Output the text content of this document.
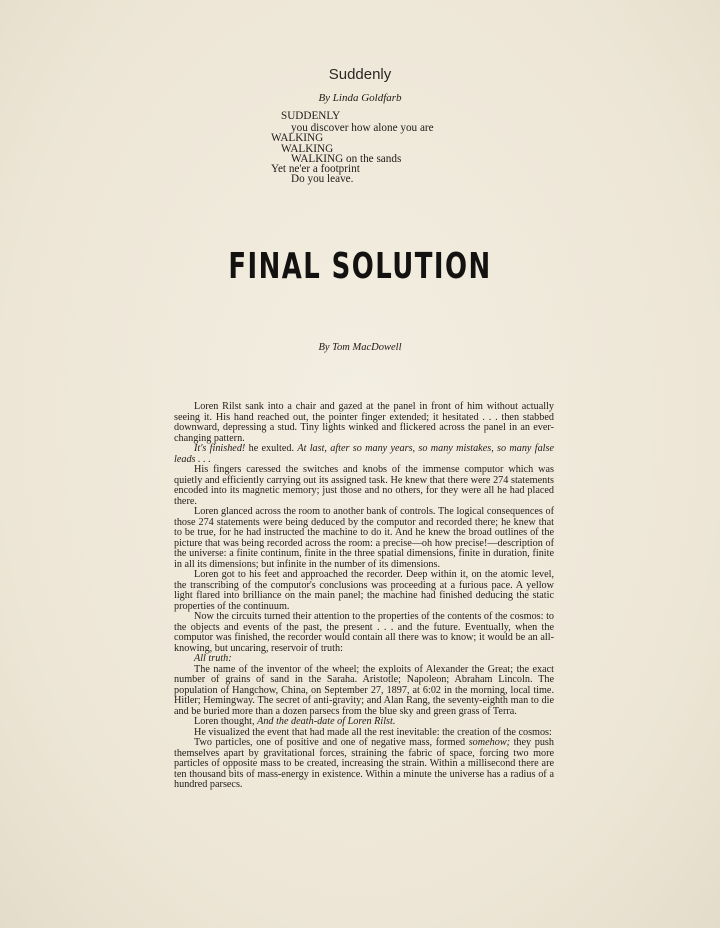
Suddenly
By Linda Goldfarb
SUDDENLY
you discover how alone you are
WALKING
WALKING
WALKING on the sands
Yet ne'er a footprint
Do you leave.
FINAL SOLUTION
By Tom MacDowell

Loren Rilst sank into a chair and gazed at the panel in front of him without actually seeing it. His hand reached out, the pointer finger extended; it hesitated . . . then stabbed downward, depressing a stud. Tiny lights winked and flickered across the panel in an ever-changing pattern.

It's finished! he exulted. At last, after so many years, so many mistakes, so many false leads . . .

His fingers caressed the switches and knobs of the immense computor which was quietly and efficiently carrying out its assigned task. He knew that there were 274 statements encoded into its magnetic memory; just those and no others, for they were all he had placed there.

Loren glanced across the room to another bank of controls. The logical consequences of those 274 statements were being deduced by the computor and recorded there; he knew that to be true, for he had instructed the machine to do it. And he knew the broad outlines of the picture that was being recorded across the room: a precise—oh how precise!—description of the universe: a finite continum, finite in the three spatial dimensions, finite in duration, finite in all its dimensions; but infinite in the number of its dimensions.

Loren got to his feet and approached the recorder. Deep within it, on the atomic level, the transcribing of the computor's conclusions was proceeding at a furious pace. A yellow light flared into brilliance on the main panel; the machine had finished deducing the static properties of the continuum.

Now the circuits turned their attention to the properties of the contents of the cosmos: to the objects and events of the past, the present . . . and the future. Eventually, when the computor was finished, the recorder would contain all there was to know; it would be an all-knowing, but uncaring, reservoir of truth:

All truth:

The name of the inventor of the wheel; the exploits of Alexander the Great; the exact number of grains of sand in the Saraha. Aristotle; Napoleon; Abraham Lincoln. The population of Hangchow, China, on September 27, 1897, at 6:02 in the morning, local time. Hitler; Hemingway. The secret of anti-gravity; and Alan Rang, the seventy-eighth man to die and be buried more than a dozen parsecs from the blue sky and green grass of Terra.

Loren thought, And the death-date of Loren Rilst.

He visualized the event that had made all the rest inevitable: the creation of the cosmos:

Two particles, one of positive and one of negative mass, formed somehow; they push themselves apart by gravitational forces, straining the fabric of space, forcing two more particles of opposite mass to be created, increasing the strain. Within a millisecond there are ten thousand bits of mass-energy in existence. Within a minute the universe has a radius of a hundred parsecs.
